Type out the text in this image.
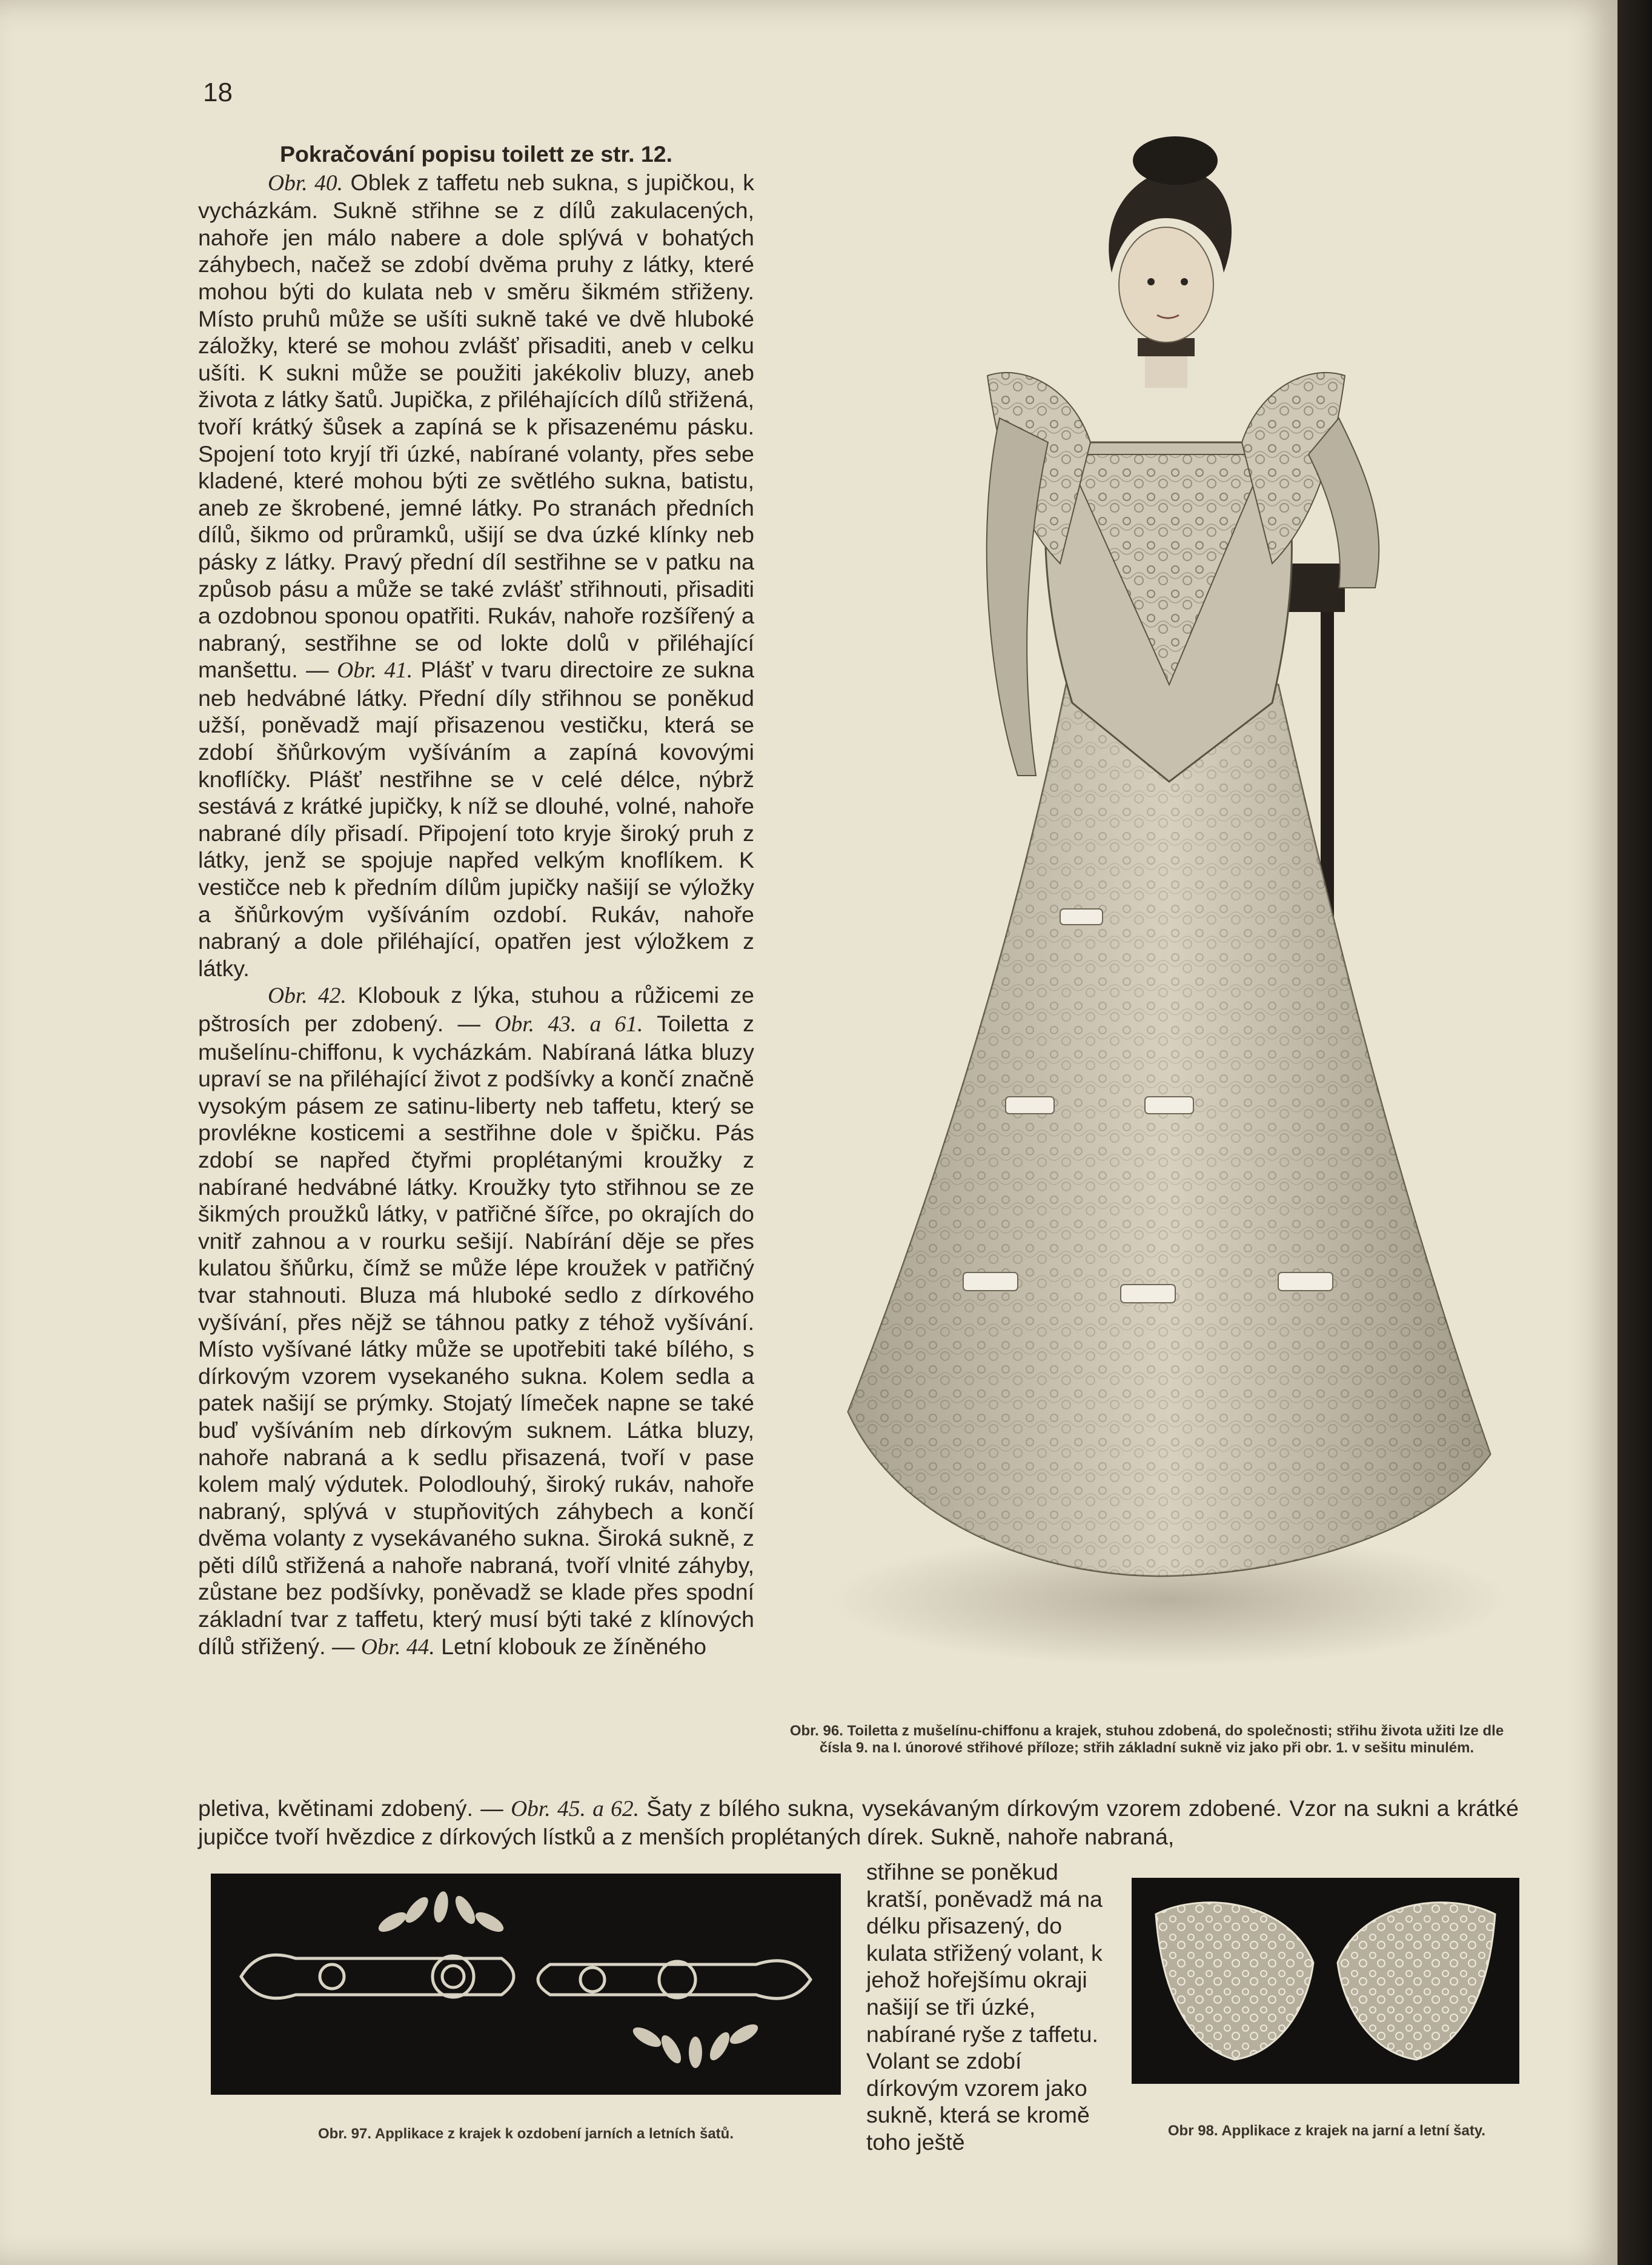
18
Pokračování popisu toilett ze str. 12.

Obr. 40. Oblek z taffetu neb sukna, s jupičkou, k vycházkám. Sukně střihne se z dílů zakulacených, nahoře jen málo nabere a dole splývá v bohatých záhybech, načež se zdobí dvěma pruhy z látky, které mohou býti do kulata neb v směru šikmém střiženy. Místo pruhů může se ušíti sukně také ve dvě hluboké záložky, které se mohou zvlášť přisaditi, aneb v celku ušíti. K sukni může se použiti jakékoliv bluzy, aneb života z látky šatů. Jupička, z přiléhajících dílů střižená, tvoří krátký šůsek a zapíná se k přisazenému pásku. Spojení toto kryjí tři úzké, nabírané volanty, přes sebe kladené, které mohou býti ze světlého sukna, batistu, aneb ze škrobené, jemné látky. Po stranách předních dílů, šikmo od průramků, ušijí se dva úzké klínky neb pásky z látky. Pravý přední díl sestřihne se v patku na způsob pásu a může se také zvlášť střihnouti, přisaditi a ozdobnou sponou opatřiti. Rukáv, nahoře rozšířený a nabraný, sestřihne se od lokte dolů v přiléhající manšettu. — Obr. 41. Plášť v tvaru directoire ze sukna neb hedvábné látky. Přední díly střihnou se poněkud užší, poněvadž mají přisazenou vestičku, která se zdobí šňůrkovým vyšíváním a zapíná kovovými knoflíčky. Plášť nestřihne se v celé délce, nýbrž sestává z krátké jupičky, k níž se dlouhé, volné, nahoře nabrané díly přisadí. Připojení toto kryje široký pruh z látky, jenž se spojuje napřed velkým knoflíkem. K vestičce neb k předním dílům jupičky našijí se výložky a šňůrkovým vyšíváním ozdobí. Rukáv, nahoře nabraný a dole přiléhající, opatřen jest výložkem z látky.

Obr. 42. Klobouk z lýka, stuhou a růžicemi ze pštrosích per zdobený. — Obr. 43. a 61. Toiletta z mušelínu-chiffonu, k vycházkám. Nabíraná látka bluzy upraví se na přiléhající život z podšívky a končí značně vysokým pásem ze satinu-liberty neb taffetu, který se provlékne kosticemi a sestřihne dole v špičku. Pás zdobí se napřed čtyřmi proplétanými kroužky z nabírané hedvábné látky. Kroužky tyto střihnou se ze šikmých proužků látky, v patřičné šířce, po okrajích do vnitř zahnou a v rourku sešijí. Nabírání děje se přes kulatou šňůrku, čímž se může lépe kroužek v patřičný tvar stahnouti. Bluza má hluboké sedlo z dírkového vyšívání, přes nějž se táhnou patky z téhož vyšívání. Místo vyšívané látky může se upotřebiti také bílého, s dírkovým vzorem vysekaného sukna. Kolem sedla a patek našijí se prýmky. Stojatý límeček napne se také buď vyšíváním neb dírkovým suknem. Látka bluzy, nahoře nabraná a k sedlu přisazená, tvoří v pase kolem malý výdutek. Polodlouhý, široký rukáv, nahoře nabraný, splývá v stupňovitých záhybech a končí dvěma volanty z vysekávaného sukna. Široká sukně, z pěti dílů střižená a nahoře nabraná, tvoří vlnité záhyby, zůstane bez podšívky, poněvadž se klade přes spodní základní tvar z taffetu, který musí býti také z klínových dílů střižený. — Obr. 44. Letní klobouk ze žíněného

Obr. 96. Toiletta z mušelínu-chiffonu a krajek, stuhou zdobená, do společnosti; střihu života užiti lze dle čísla 9. na I. únorové střihové příloze; střih základní sukně viz jako při obr. 1. v sešitu minulém.
pletiva, květinami zdobený. — Obr. 45. a 62. Šaty z bílého sukna, vysekávaným dírkovým vzorem zdobené. Vzor na sukni a krátké jupičce tvoří hvězdice z dírkových lístků a z menších proplétaných dírek. Sukně, nahoře nabraná,
Obr. 97. Applikace z krajek k ozdobení jarních a letních šatů.
střihne se poněkud kratší, poněvadž má na délku přisazený, do kulata střižený volant, k jehož hořejšímu okraji našijí se tři úzké, nabírané ryše z taffetu. Volant se zdobí dírkovým vzorem jako sukně, která se kromě toho ještě	Obr 98. Applikace z krajek na jarní a letní šaty.
